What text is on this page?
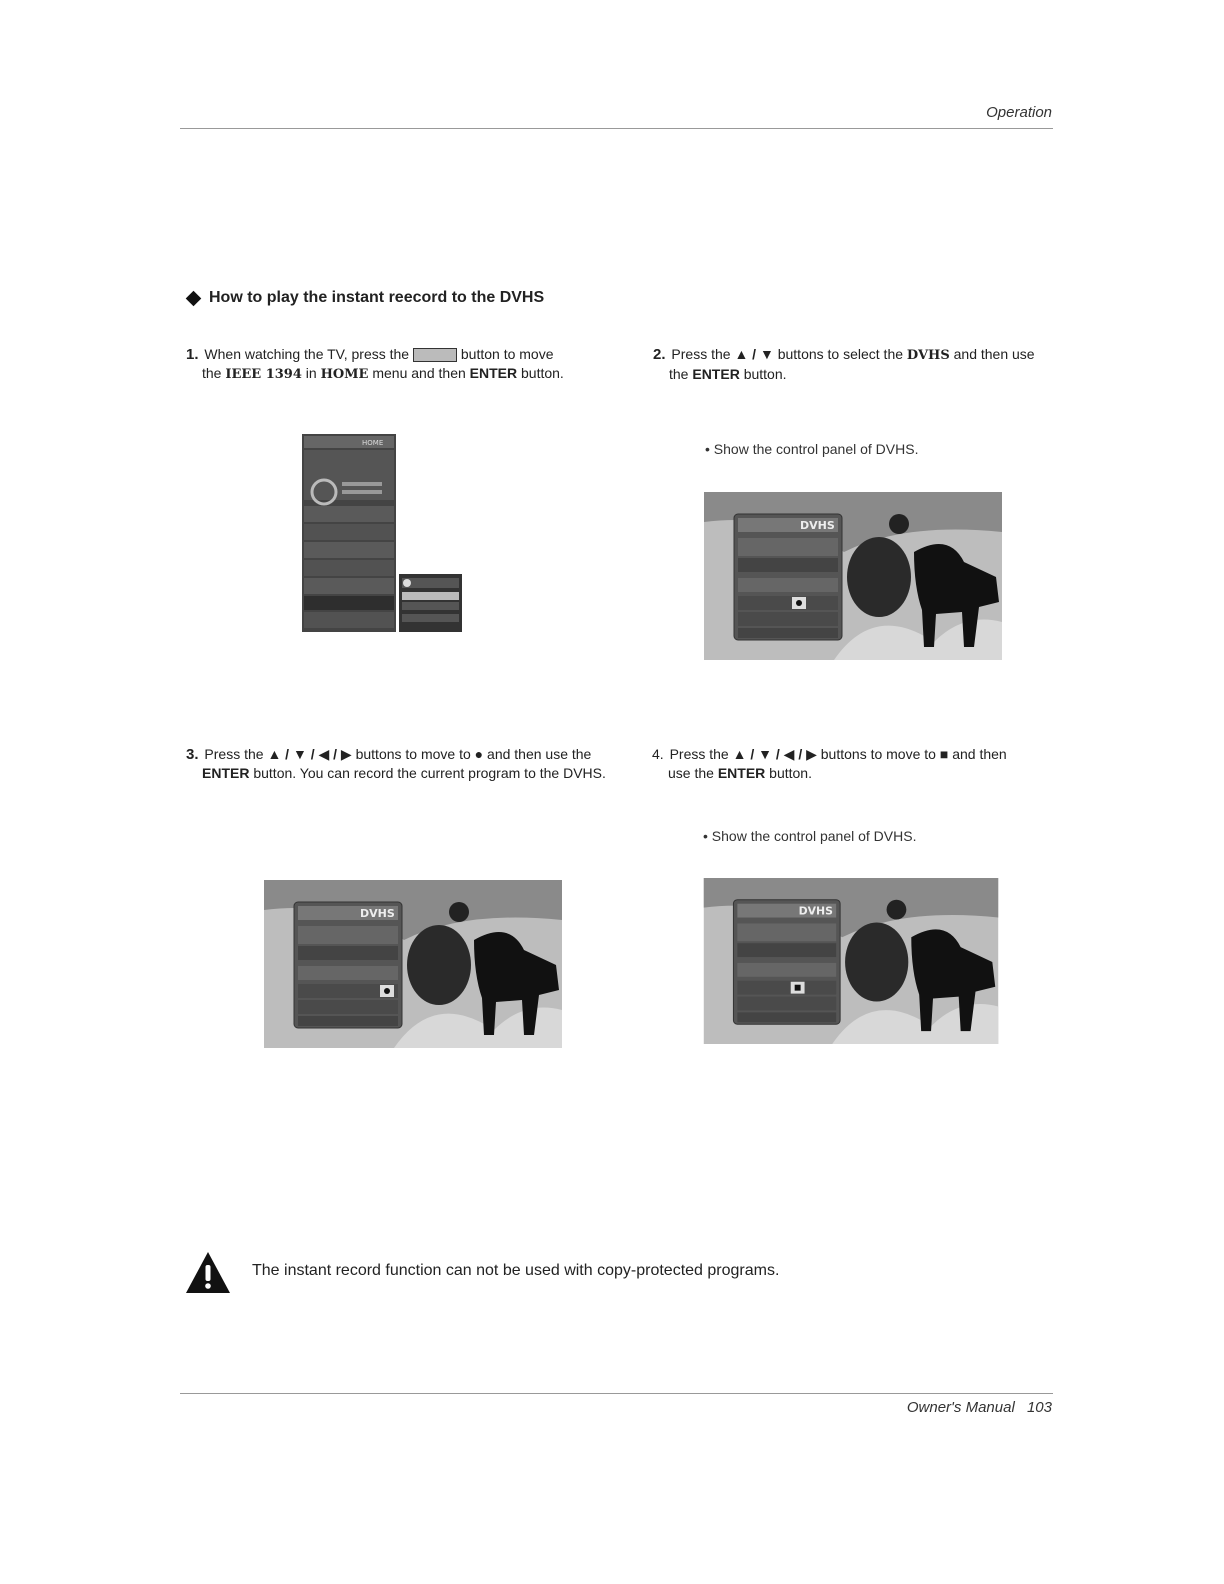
Operation
How to play the instant reecord to the DVHS
1. When watching the TV, press the	button to move
the IEEE 1394 in HOME menu and then ENTER button.
2. Press the ▲ / ▼ buttons to select the DVHS and then use
the ENTER button.
• Show the control panel of DVHS.
HOME
DVHS
3. Press the ▲ / ▼ / ◀ / ▶ buttons to move to ● and then use the
ENTER button. You can record the current program to the DVHS.
4. Press the ▲ / ▼ / ◀ / ▶ buttons to move to ■ and then
use the ENTER button.
• Show the control panel of DVHS.
DVHS	DVHS
The instant record function can not be used with copy-protected programs.
Owner's Manual 103
